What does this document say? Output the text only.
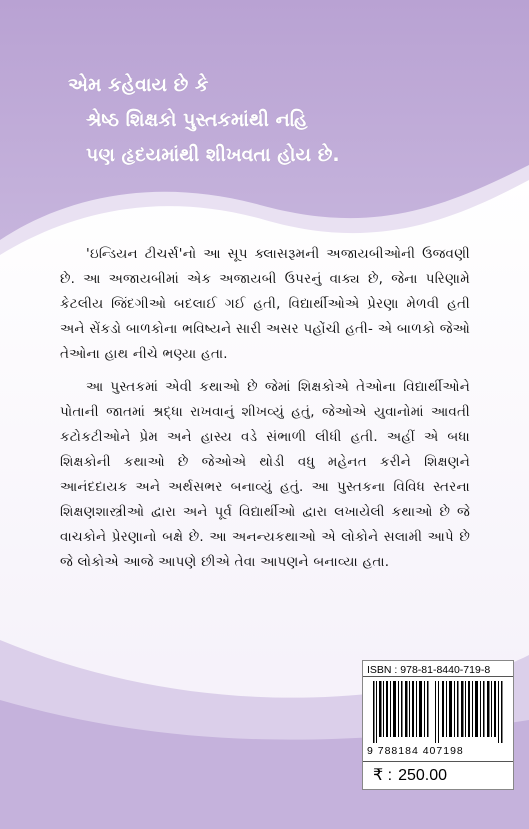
એમ કહેવાય છે કે
શ્રેષ્ઠ શિક્ષકો પુસ્તકમાંથી નહિ
પણ હૃદયમાંથી શીખવતા હોય છે.

'ઇન્ડિયન ટીચર્સ'નો આ સૂપ ક્લાસરૂમની અજાયબીઓની ઉજવણી છે. આ અજાયબીમાં એક અજાયબી ઉપરનું વાક્ય છે, જેના પરિણામે કેટલીય જિંદગીઓ બદલાઈ ગઈ હતી, વિદ્યાર્થીઓએ પ્રેરણા મેળવી હતી અને સેંકડો બાળકોના ભવિષ્યને સારી અસર પહોંચી હતી- એ બાળકો જેઓ તેઓના હાથ નીચે ભણ્યા હતા.

આ પુસ્તકમાં એવી કથાઓ છે જેમાં શિક્ષકોએ તેઓના વિદ્યાર્થીઓને પોતાની જાતમાં શ્રદ્ધા રાખવાનું શીખવ્યું હતું, જેઓએ યુવાનોમાં આવતી કટોકટીઓને પ્રેમ અને હાસ્ય વડે સંભાળી લીધી હતી. અહીં એ બધા શિક્ષકોની કથાઓ છે જેઓએ થોડી વધુ મહેનત કરીને શિક્ષણને આનંદદાયક અને અર્થસભર બનાવ્યું હતું. આ પુસ્તકના વિવિધ સ્તરના શિક્ષણશાસ્ત્રીઓ દ્વારા અને પૂર્વ વિદ્યાર્થીઓ દ્વારા લખાયેલી કથાઓ છે જે વાચકોને પ્રેરણાનો બક્ષે છે. આ અનન્યકથાઓ એ લોકોને સલામી આપે છે જે લોકોએ આજે આપણે છીએ તેવા આપણને બનાવ્યા હતા.

ISBN : 978-81-8440-719-8
9 788184 407198
₹ : 250.00
